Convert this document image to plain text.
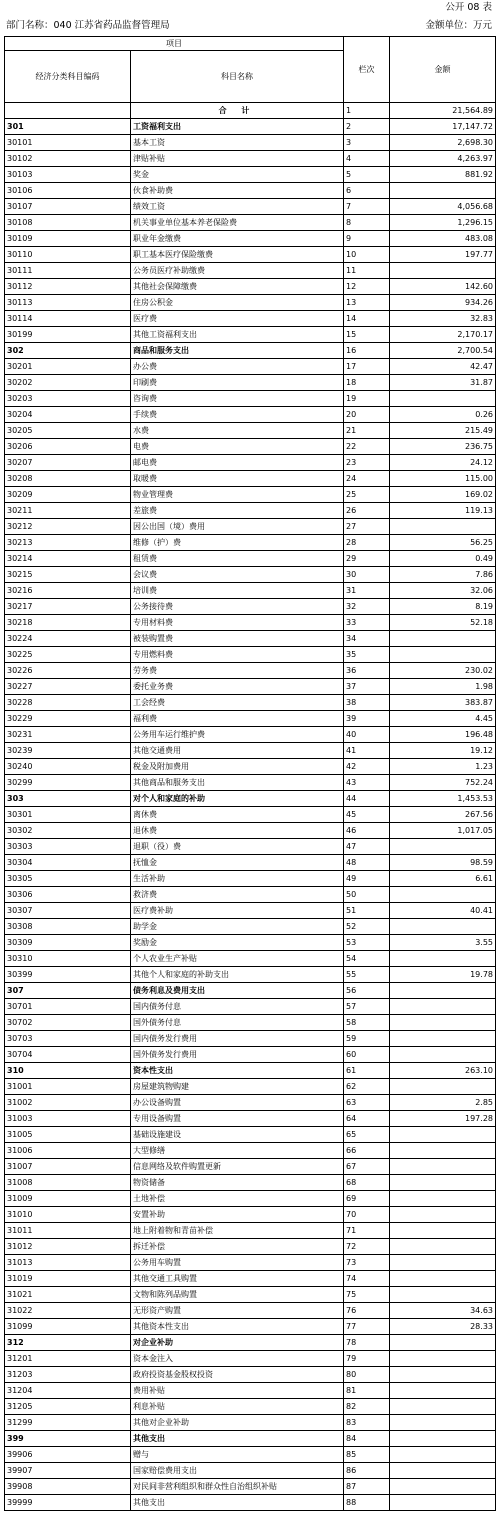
公开 08 表
部门名称：040 江苏省药品监督管理局	金额单位：万元
项目		栏次	金额
经济分类科目编码	科目名称		
	合 计	1	21,564.89
301	工资福利支出	2	17,147.72
30101	基本工资	3	2,698.30
30102	津贴补贴	4	4,263.97
30103	奖金	5	881.92
30106	伙食补助费	6	
30107	绩效工资	7	4,056.68
30108	机关事业单位基本养老保险费	8	1,296.15
30109	职业年金缴费	9	483.08
30110	职工基本医疗保险缴费	10	197.77
30111	公务员医疗补助缴费	11	
30112	其他社会保障缴费	12	142.60
30113	住房公积金	13	934.26
30114	医疗费	14	32.83
30199	其他工资福利支出	15	2,170.17
302	商品和服务支出	16	2,700.54
30201	办公费	17	42.47
30202	印刷费	18	31.87
30203	咨询费	19	
30204	手续费	20	0.26
30205	水费	21	215.49
30206	电费	22	236.75
30207	邮电费	23	24.12
30208	取暖费	24	115.00
30209	物业管理费	25	169.02
30211	差旅费	26	119.13
30212	因公出国（境）费用	27	
30213	维修（护）费	28	56.25
30214	租赁费	29	0.49
30215	会议费	30	7.86
30216	培训费	31	32.06
30217	公务接待费	32	8.19
30218	专用材料费	33	52.18
30224	被装购置费	34	
30225	专用燃料费	35	
30226	劳务费	36	230.02
30227	委托业务费	37	1.98
30228	工会经费	38	383.87
30229	福利费	39	4.45
30231	公务用车运行维护费	40	196.48
30239	其他交通费用	41	19.12
30240	税金及附加费用	42	1.23
30299	其他商品和服务支出	43	752.24
303	对个人和家庭的补助	44	1,453.53
30301	离休费	45	267.56
30302	退休费	46	1,017.05
30303	退职（役）费	47	
30304	抚恤金	48	98.59
30305	生活补助	49	6.61
30306	救济费	50	
30307	医疗费补助	51	40.41
30308	助学金	52	
30309	奖励金	53	3.55
30310	个人农业生产补贴	54	
30399	其他个人和家庭的补助支出	55	19.78
307	债务利息及费用支出	56	
30701	国内债务付息	57	
30702	国外债务付息	58	
30703	国内债务发行费用	59	
30704	国外债务发行费用	60	
310	资本性支出	61	263.10
31001	房屋建筑物购建	62	
31002	办公设备购置	63	2.85
31003	专用设备购置	64	197.28
31005	基础设施建设	65	
31006	大型修缮	66	
31007	信息网络及软件购置更新	67	
31008	物资储备	68	
31009	土地补偿	69	
31010	安置补助	70	
31011	地上附着物和青苗补偿	71	
31012	拆迁补偿	72	
31013	公务用车购置	73	
31019	其他交通工具购置	74	
31021	文物和陈列品购置	75	
31022	无形资产购置	76	34.63
31099	其他资本性支出	77	28.33
312	对企业补助	78	
31201	资本金注入	79	
31203	政府投资基金股权投资	80	
31204	费用补贴	81	
31205	利息补贴	82	
31299	其他对企业补助	83	
399	其他支出	84	
39906	赠与	85	
39907	国家赔偿费用支出	86	
39908	对民间非营利组织和群众性自治组织补贴	87	
39999	其他支出	88	
